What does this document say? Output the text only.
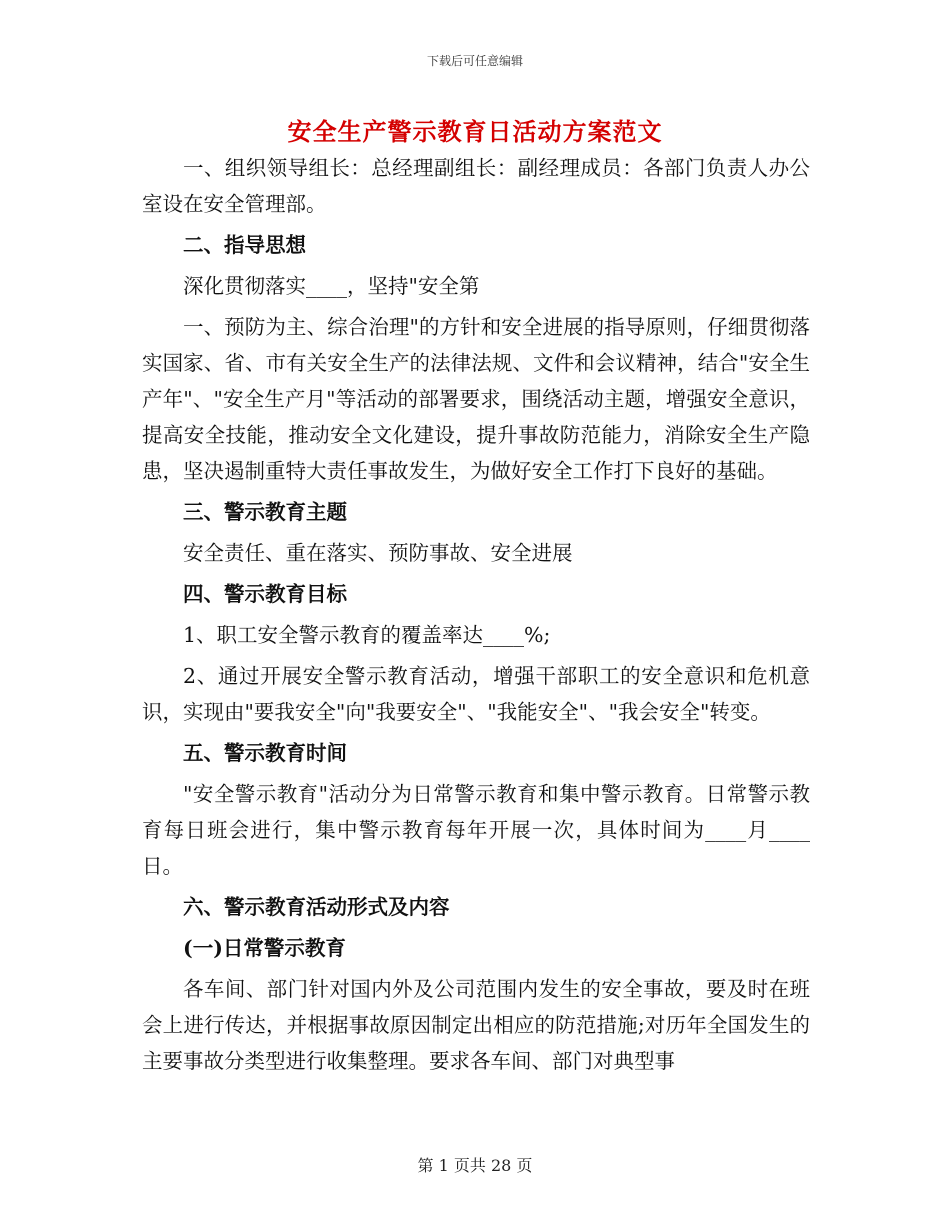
下载后可任意编辑
安全生产警示教育日活动方案范文

一、组织领导组长：总经理副组长：副经理成员：各部门负责人办公室设在安全管理部。

二、指导思想

深化贯彻落实____，坚持"安全第

一、预防为主、综合治理"的方针和安全进展的指导原则，仔细贯彻落实国家、省、市有关安全生产的法律法规、文件和会议精神，结合"安全生产年"、"安全生产月"等活动的部署要求，围绕活动主题，增强安全意识，提高安全技能，推动安全文化建设，提升事故防范能力，消除安全生产隐患，坚决遏制重特大责任事故发生，为做好安全工作打下良好的基础。

三、警示教育主题

安全责任、重在落实、预防事故、安全进展

四、警示教育目标

1、职工安全警示教育的覆盖率达____%;

2、通过开展安全警示教育活动，增强干部职工的安全意识和危机意识，实现由"要我安全"向"我要安全"、"我能安全"、"我会安全"转变。

五、警示教育时间

"安全警示教育"活动分为日常警示教育和集中警示教育。日常警示教育每日班会进行，集中警示教育每年开展一次，具体时间为____月____日。

六、警示教育活动形式及内容

(一)日常警示教育

各车间、部门针对国内外及公司范围内发生的安全事故，要及时在班会上进行传达，并根据事故原因制定出相应的防范措施;对历年全国发生的主要事故分类型进行收集整理。要求各车间、部门对典型事

第 1 页共 28 页
